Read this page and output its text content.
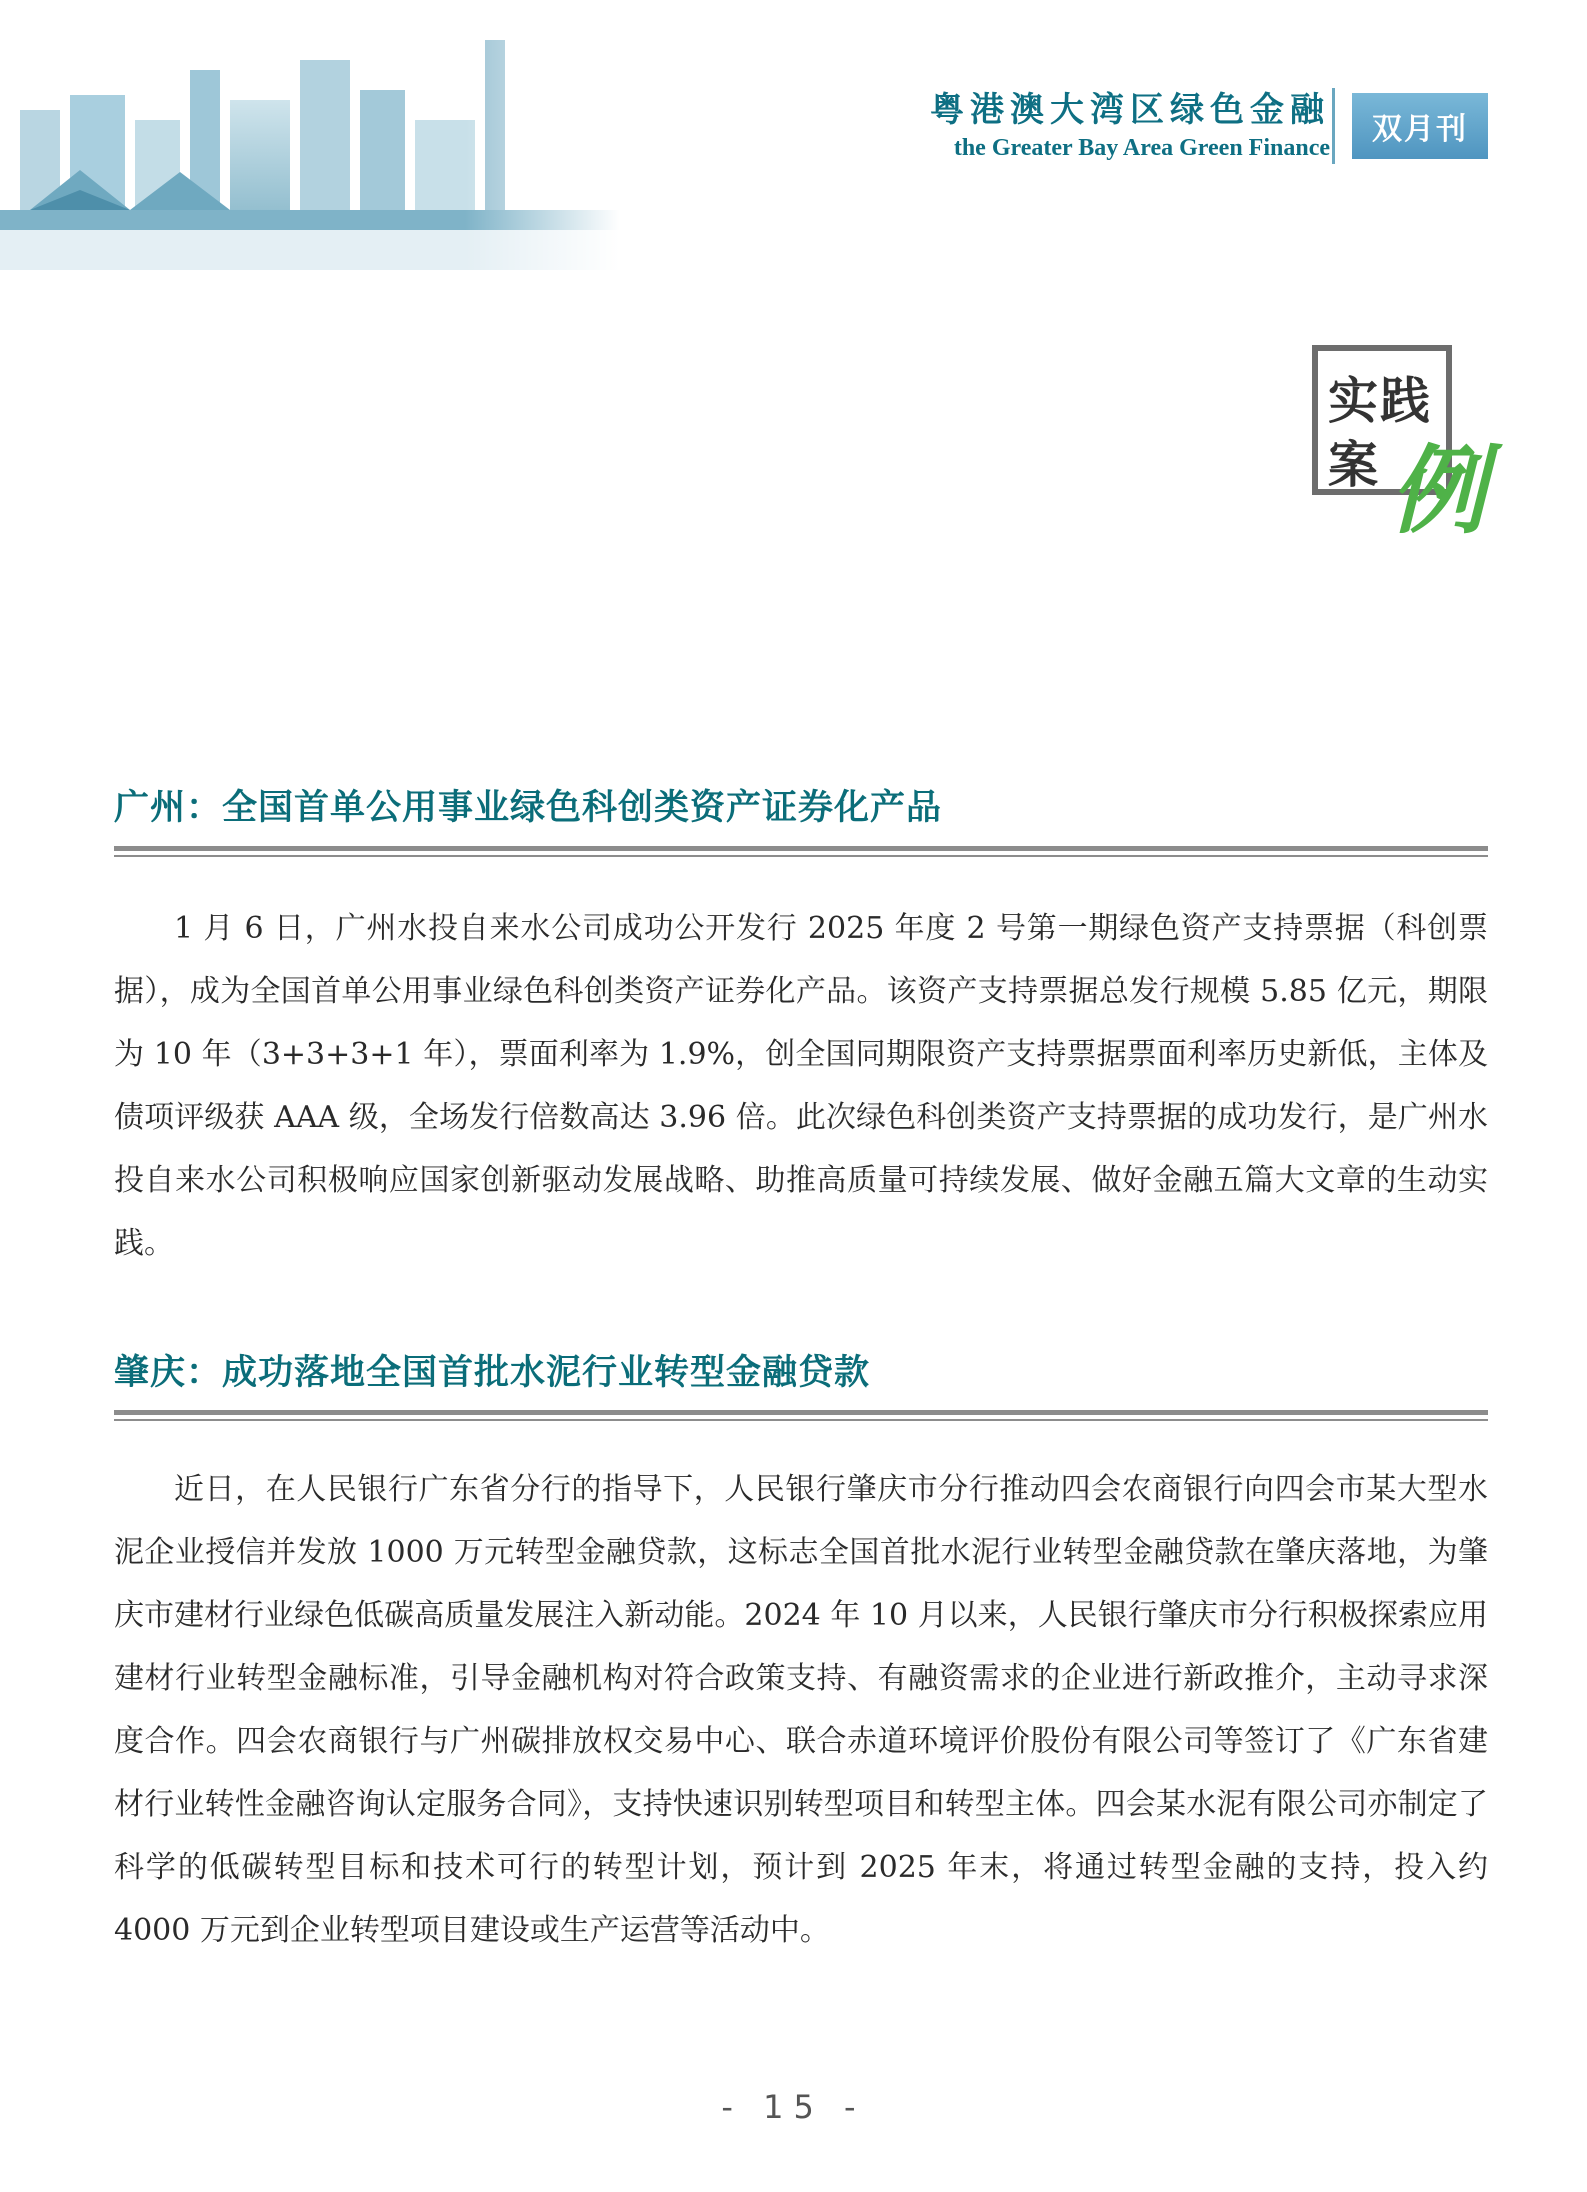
粤港澳大湾区绿色金融
the Greater Bay Area Green Finance
双月刊
实践
案 例
广州：全国首单公用事业绿色科创类资产证券化产品
1 月 6 日，广州水投自来水公司成功公开发行 2025 年度 2 号第一期绿色资产支持票据（科创票据），成为全国首单公用事业绿色科创类资产证券化产品。该资产支持票据总发行规模 5.85 亿元，期限为 10 年（3+3+3+1 年），票面利率为 1.9%，创全国同期限资产支持票据票面利率历史新低，主体及债项评级获 AAA 级，全场发行倍数高达 3.96 倍。此次绿色科创类资产支持票据的成功发行，是广州水投自来水公司积极响应国家创新驱动发展战略、助推高质量可持续发展、做好金融五篇大文章的生动实践。
肇庆：成功落地全国首批水泥行业转型金融贷款
近日，在人民银行广东省分行的指导下，人民银行肇庆市分行推动四会农商银行向四会市某大型水泥企业授信并发放 1000 万元转型金融贷款，这标志全国首批水泥行业转型金融贷款在肇庆落地，为肇庆市建材行业绿色低碳高质量发展注入新动能。2024 年 10 月以来，人民银行肇庆市分行积极探索应用建材行业转型金融标准，引导金融机构对符合政策支持、有融资需求的企业进行新政推介，主动寻求深度合作。四会农商银行与广州碳排放权交易中心、联合赤道环境评价股份有限公司等签订了《广东省建材行业转性金融咨询认定服务合同》，支持快速识别转型项目和转型主体。四会某水泥有限公司亦制定了科学的低碳转型目标和技术可行的转型计划，预计到 2025 年末，将通过转型金融的支持，投入约 4000 万元到企业转型项目建设或生产运营等活动中。
- 15 -
